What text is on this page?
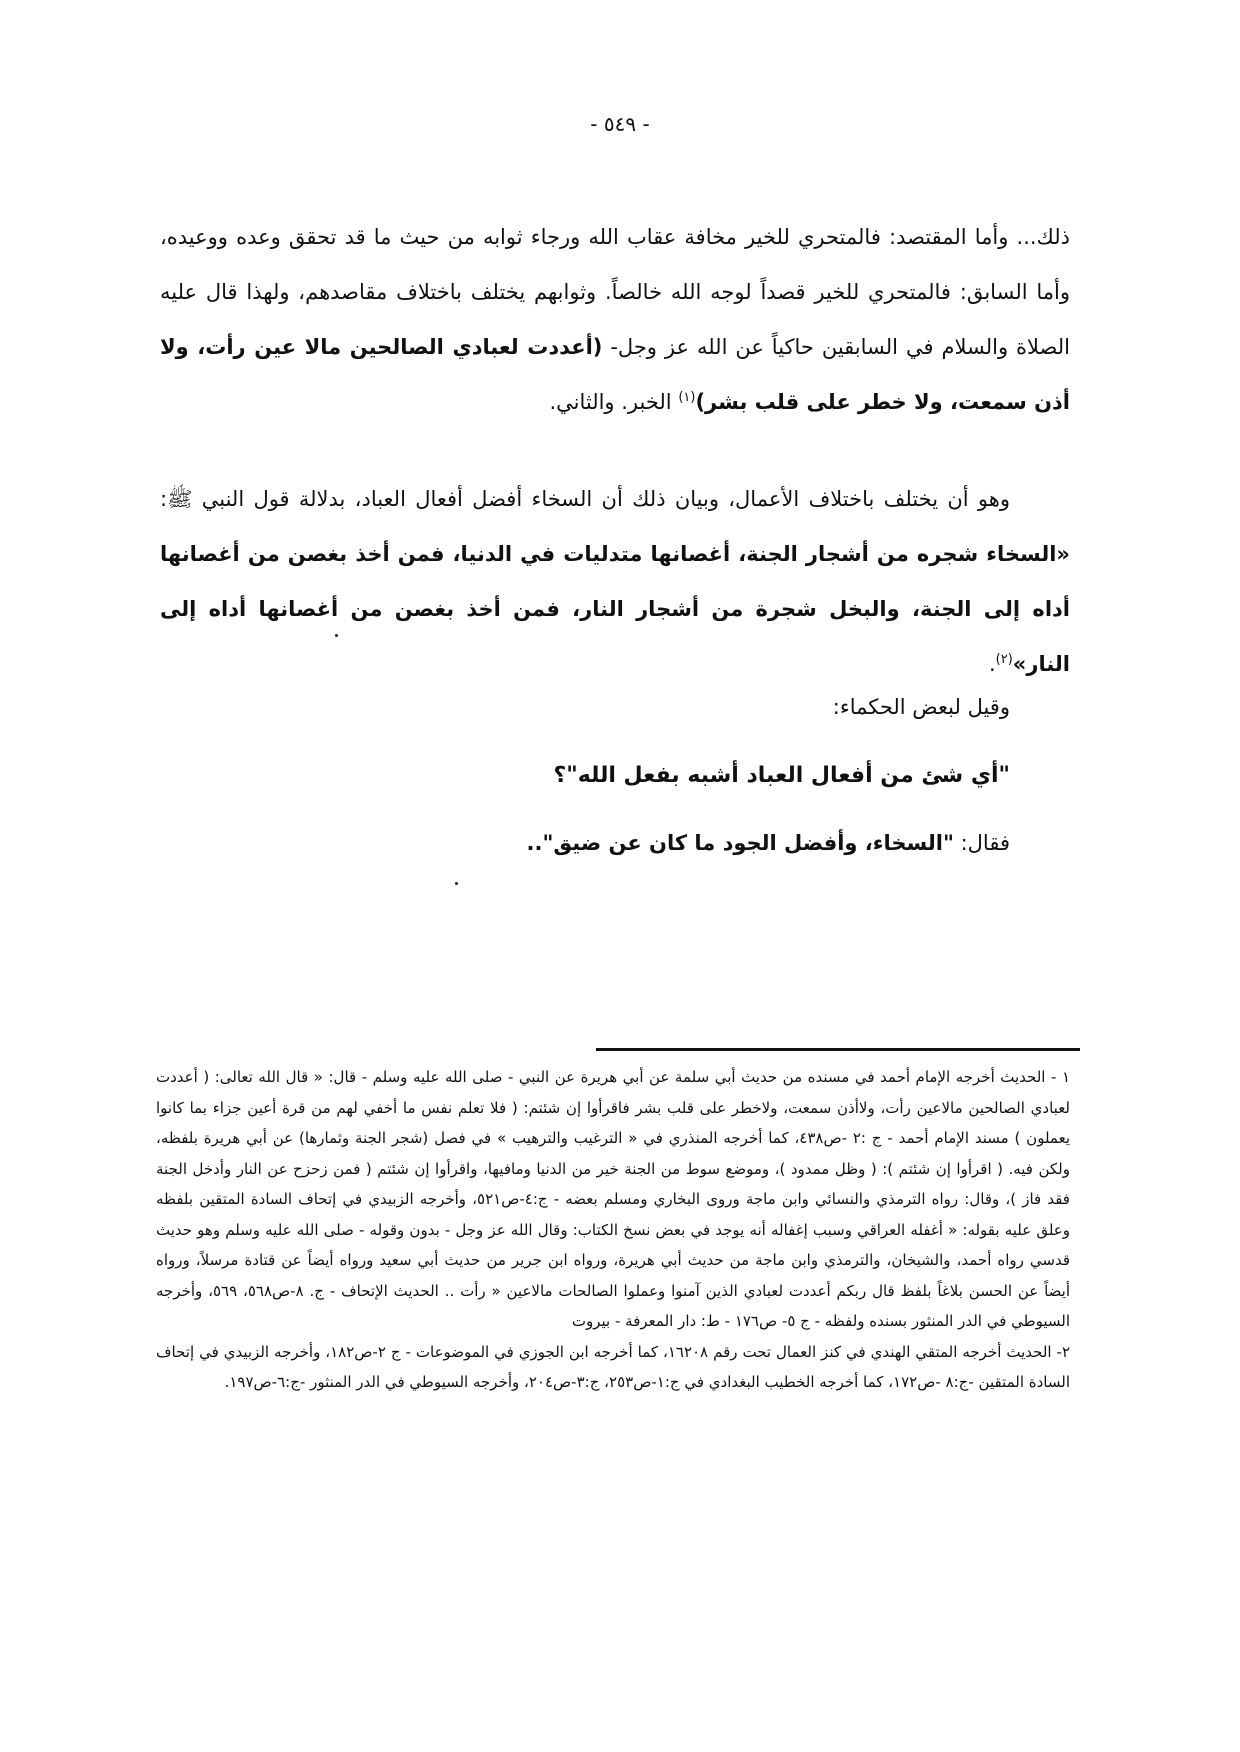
- ٥٤٩ -

ذلك... وأما المقتصد: فالمتحري للخير مخافة عقاب الله ورجاء ثوابه من حيث ما قد تحقق وعده ووعيده، وأما السابق: فالمتحري للخير قصداً لوجه الله خالصاً. وثوابهم يختلف باختلاف مقاصدهم، ولهذا قال عليه الصلاة والسلام في السابقين حاكياً عن الله عز وجل- (أعددت لعبادي الصالحين مالا عين رأت، ولا أذن سمعت، ولا خطر على قلب بشر)$^{(١)}$ الخبر. والثاني.

وهو أن يختلف باختلاف الأعمال، وبيان ذلك أن السخاء أفضل أفعال العباد، بدلالة قول النبي ﷺ: «السخاء شجره من أشجار الجنة، أغصانها متدليات في الدنيا، فمن أخذ بغصن من أغصانها أداه إلى الجنة، والبخل شجرة من أشجار النار، فمن أخذ بغصن من أغصانها أداه إلى النار»$^{(٢)}$.

وقيل لبعض الحكماء:

"أي شئ من أفعال العباد أشبه بفعل الله"؟

فقال: "السخاء، وأفضل الجود ما كان عن ضيق"..

١ - الحديث أخرجه الإمام أحمد في مسنده من حديث أبي سلمة عن أبي هريرة عن النبي - صلى الله عليه وسلم - قال: « قال الله تعالى: ( أعددت لعبادي الصالحين مالاعين رأت، ولاأذن سمعت، ولاخطر على قلب بشر فاقرأوا إن شئتم: ( فلا تعلم نفس ما أخفي لهم من قرة أعين جزاء بما كانوا يعملون ) مسند الإمام أحمد - ج :٢ -ص٤٣٨، كما أخرجه المنذري في « الترغيب والترهيب » في فصل (شجر الجنة وثمارها) عن أبي هريرة بلفظه، ولكن فيه. ( اقرأوا إن شئتم ): ( وظل ممدود )، وموضع سوط من الجنة خير من الدنيا ومافيها، واقرأوا إن شئتم ( فمن زحزح عن النار وأدخل الجنة فقد فاز )، وقال: رواه الترمذي والنسائي وابن ماجة وروى البخاري ومسلم بعضه - ج:٤-ص٥٢١، وأخرجه الزبيدي في إتحاف السادة المتقين بلفظه وعلق عليه بقوله: « أغفله العراقي وسبب إغفاله أنه يوجد في بعض نسخ الكتاب: وقال الله عز وجل - بدون وقوله - صلى الله عليه وسلم وهو حديث قدسي رواه أحمد، والشيخان، والترمذي وابن ماجة من حديث أبي هريرة، ورواه ابن جرير من حديث أبي سعيد ورواه أيضاً عن قتادة مرسلاً، ورواه أيضاً عن الحسن بلاغاً بلفظ قال ربكم أعددت لعبادي الذين آمنوا وعملوا الصالحات مالاعين « رأت .. الحديث الإتحاف - ج. ٨-ص٥٦٨، ٥٦٩، وأخرجه السيوطي في الدر المنثور بسنده ولفظه - ج ٥- ص١٧٦ - ط: دار المعرفة - بيروت

٢- الحديث أخرجه المتقي الهندي في كنز العمال تحت رقم ١٦٢٠٨، كما أخرجه ابن الجوزي في الموضوعات - ج ٢-ص١٨٢، وأخرجه الزبيدي في إتحاف السادة المتقين -ج:٨ -ص١٧٢، كما أخرجه الخطيب البغدادي في ج:١-ص٢٥٣، ج:٣-ص٢٠٤، وأخرجه السيوطي في الدر المنثور -ج:٦-ص١٩٧.
